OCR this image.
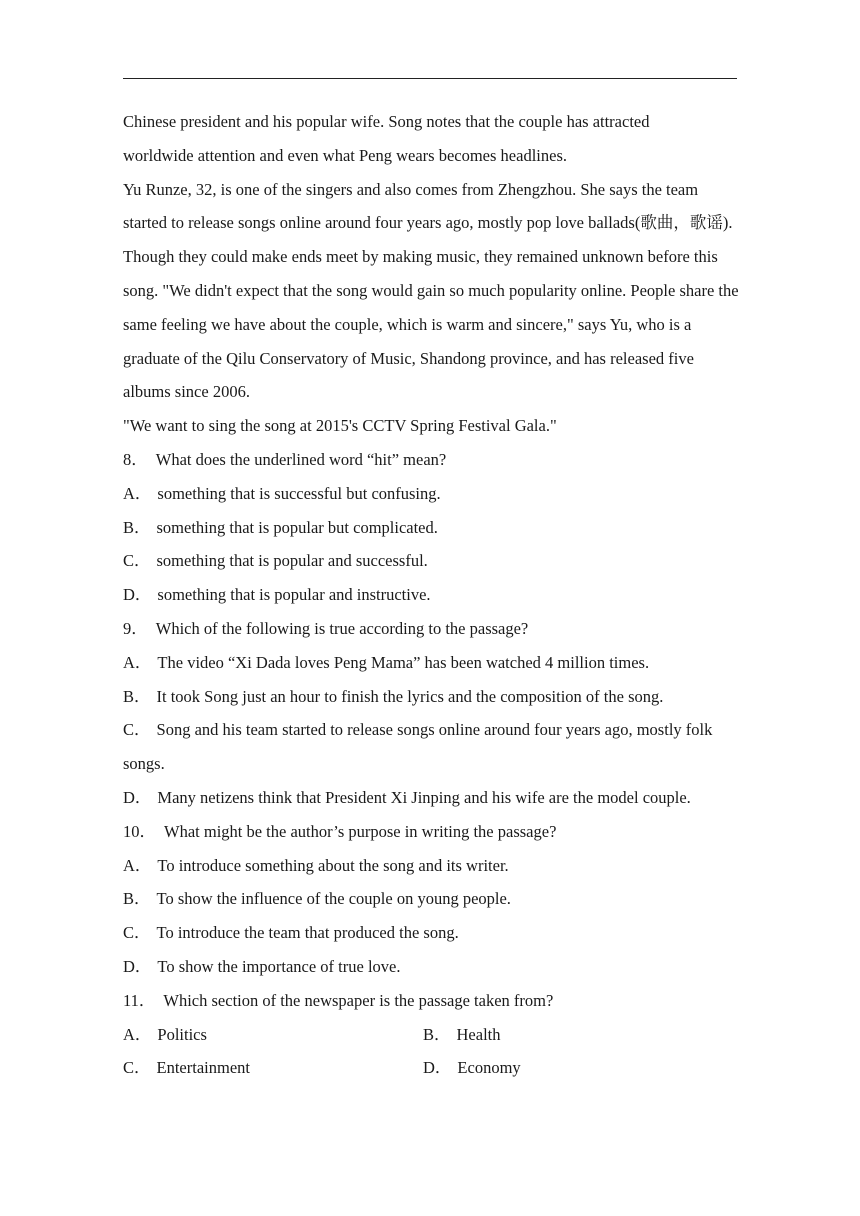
Chinese president and his popular wife. Song notes that the couple has attracted

worldwide attention and even what Peng wears becomes headlines.

Yu Runze, 32, is one of the singers and also comes from Zhengzhou. She says the team started to release songs online around four years ago, mostly pop love ballads(歌曲，歌谣). Though they could make ends meet by making music, they remained unknown before this song. "We didn't expect that the song would gain so much popularity online. People share the same feeling we have about the couple, which is warm and sincere," says Yu, who is a graduate of the Qilu Conservatory of Music, Shandong province, and has released five albums since 2006.

"We want to sing the song at 2015's CCTV Spring Festival Gala."

8． What does the underlined word “hit” mean?

A． something that is successful but confusing.

B． something that is popular but complicated.

C． something that is popular and successful.

D． something that is popular and instructive.

9． Which of the following is true according to the passage?

A． The video “Xi Dada loves Peng Mama” has been watched 4 million times.

B． It took Song just an hour to finish the lyrics and the composition of the song.

C． Song and his team started to release songs online around four years ago, mostly folk songs.

D． Many netizens think that President Xi Jinping and his wife are the model couple.

10． What might be the author’s purpose in writing the passage?

A． To introduce something about the song and its writer.

B． To show the influence of the couple on young people.

C． To introduce the team that produced the song.

D． To show the importance of true love.

11． Which section of the newspaper is the passage taken from?

A． Politics	B． Health
C． Entertainment	D． Economy
